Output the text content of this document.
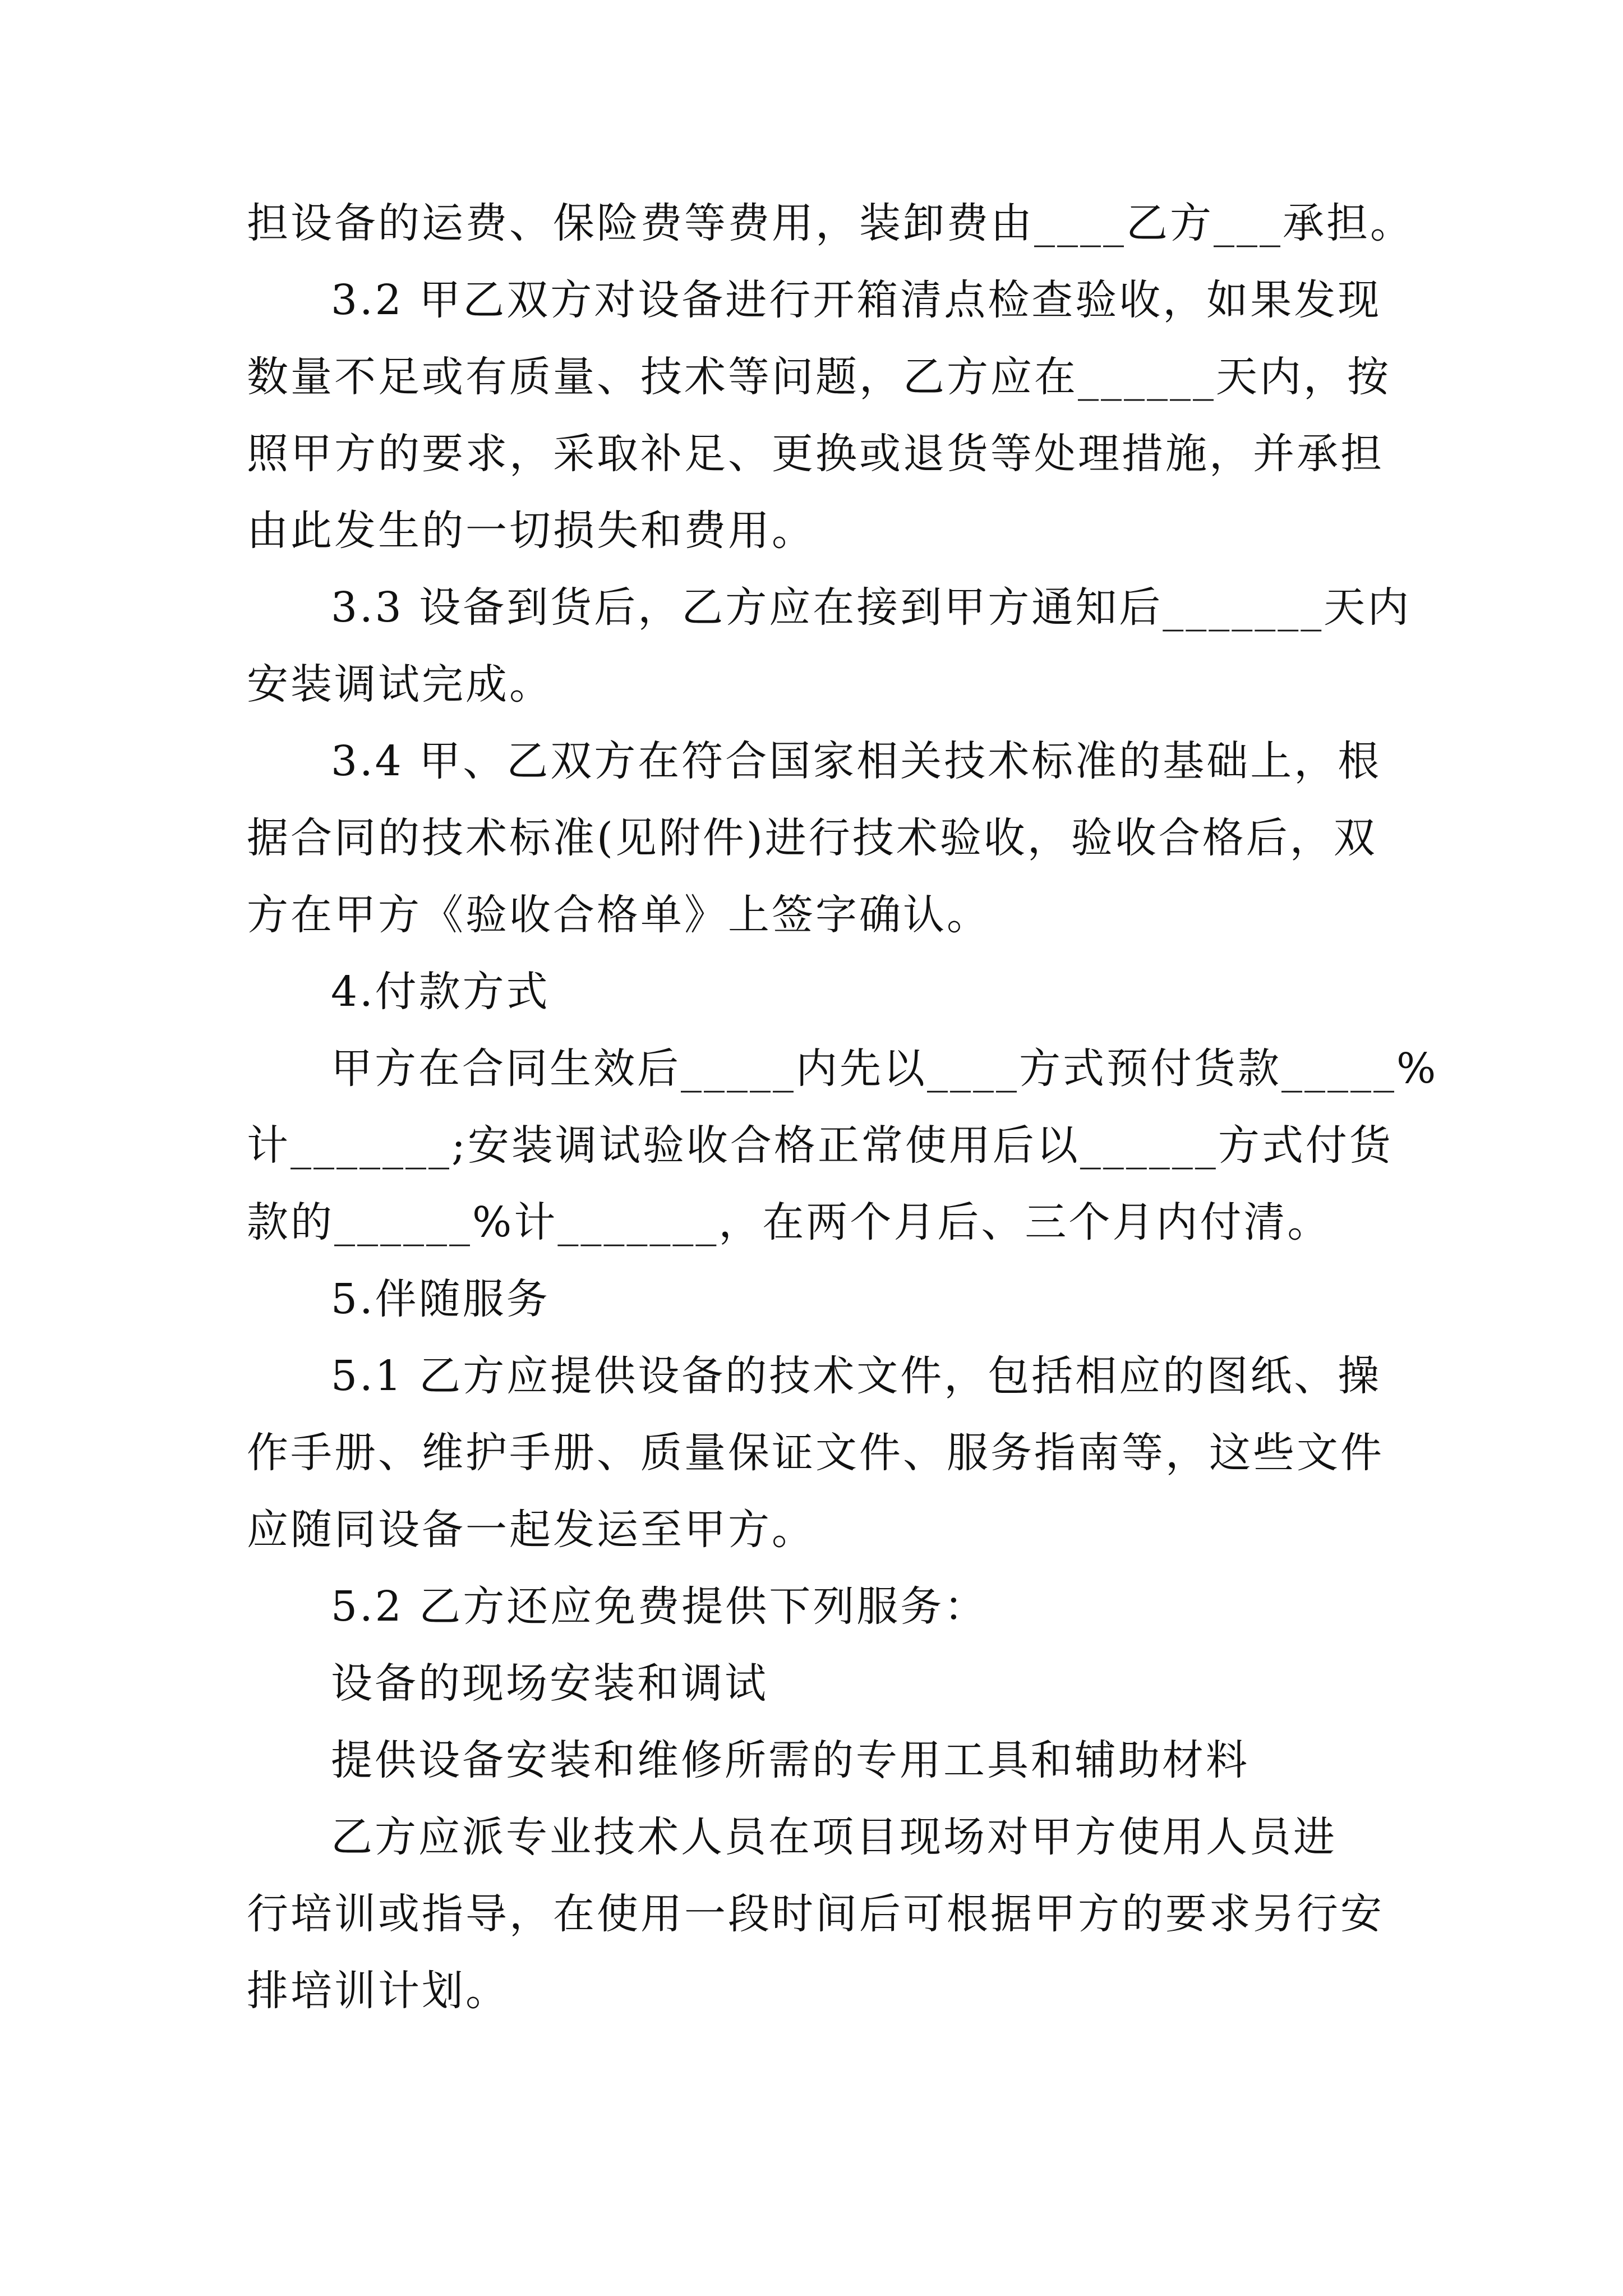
担设备的运费、保险费等费用，装卸费由____乙方___承担。
3.2 甲乙双方对设备进行开箱清点检查验收，如果发现
数量不足或有质量、技术等问题，乙方应在______天内，按
照甲方的要求，采取补足、更换或退货等处理措施，并承担
由此发生的一切损失和费用。
3.3 设备到货后，乙方应在接到甲方通知后_______天内
安装调试完成。
3.4 甲、乙双方在符合国家相关技术标准的基础上，根
据合同的技术标准(见附件)进行技术验收，验收合格后，双
方在甲方《验收合格单》上签字确认。
4.付款方式
甲方在合同生效后_____内先以____方式预付货款_____%
计_______;安装调试验收合格正常使用后以______方式付货
款的______%计_______，在两个月后、三个月内付清。
5.伴随服务
5.1 乙方应提供设备的技术文件，包括相应的图纸、操
作手册、维护手册、质量保证文件、服务指南等，这些文件
应随同设备一起发运至甲方。
5.2 乙方还应免费提供下列服务：
设备的现场安装和调试
提供设备安装和维修所需的专用工具和辅助材料
乙方应派专业技术人员在项目现场对甲方使用人员进
行培训或指导，在使用一段时间后可根据甲方的要求另行安
排培训计划。
